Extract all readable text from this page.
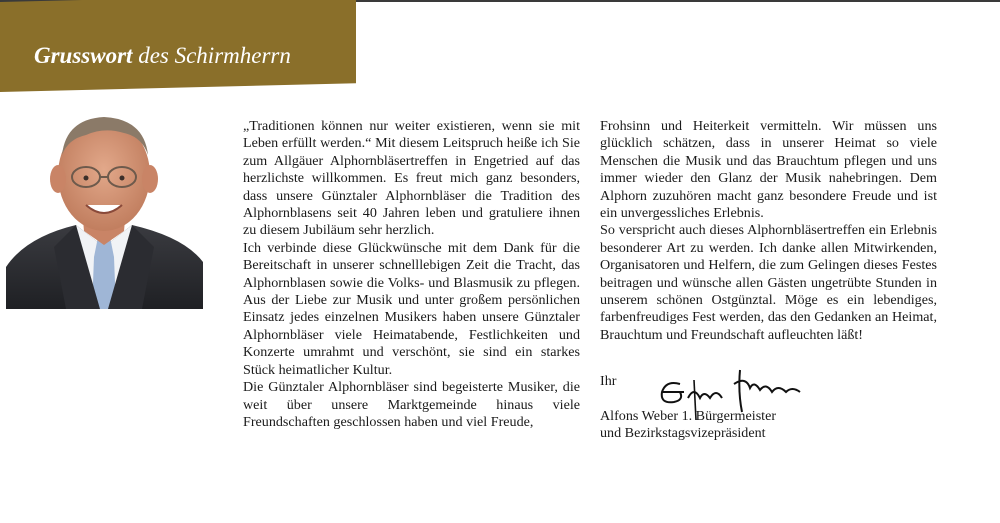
Grusswort des Schirmherrn

„Traditionen können nur weiter existieren, wenn sie mit Leben erfüllt werden.“ Mit diesem Leitspruch heiße ich Sie zum Allgäuer Alphornbläsertreffen in Engetried auf das herzlichste willkommen. Es freut mich ganz besonders, dass unsere Günztaler Alphornbläser die Tradition des Alphornblasens seit 40 Jahren leben und gratuliere ihnen zu diesem Jubiläum sehr herzlich.

Ich verbinde diese Glückwünsche mit dem Dank für die Bereitschaft in unserer schnelllebigen Zeit die Tracht, das Alphornblasen sowie die Volks- und Blasmusik zu pflegen. Aus der Liebe zur Musik und unter großem persönlichen Einsatz jedes einzelnen Musikers haben unsere Günztaler Alphornbläser viele Heimatabende, Festlichkeiten und Konzerte umrahmt und verschönt, sie sind ein starkes Stück heimatlicher Kultur.

Die Günztaler Alphornbläser sind begeisterte Musiker, die weit über unsere Marktgemeinde hinaus viele Freundschaften geschlossen haben und viel Freude,

Frohsinn und Heiterkeit vermitteln. Wir müssen uns glücklich schätzen, dass in unserer Heimat so viele Menschen die Musik und das Brauchtum pflegen und uns immer wieder den Glanz der Musik nahebringen. Dem Alphorn zuzuhören macht ganz besondere Freude und ist ein unvergessliches Erlebnis.

So verspricht auch dieses Alphornbläsertreffen ein Erlebnis besonderer Art zu werden. Ich danke allen Mitwirkenden, Organisatoren und Helfern, die zum Gelingen dieses Festes beitragen und wünsche allen Gästen ungetrübte Stunden in unserem schönen Ostgünztal. Möge es ein lebendiges, farbenfreudiges Fest werden, das den Gedanken an Heimat, Brauchtum und Freundschaft aufleuchten läßt!

Ihr
Alfons Weber 1. Bürgermeister
und Bezirkstagsvizepräsident
